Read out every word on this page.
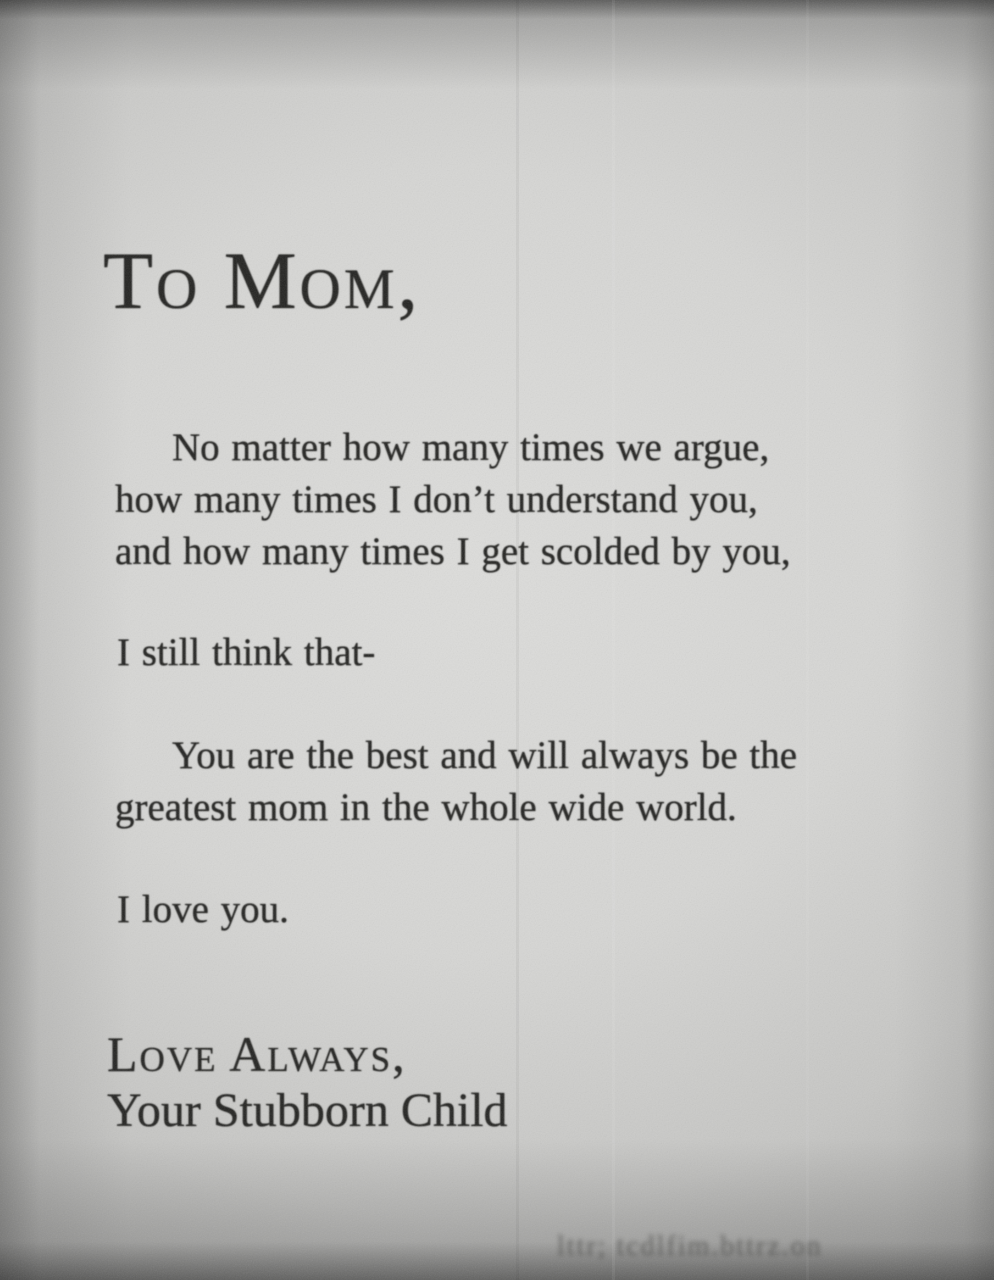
To Mom,
No matter how many times we argue,
how many times I don’t understand you,
and how many times I get scolded by you,
I still think that-
You are the best and will always be the
greatest mom in the whole wide world.
I love you.
Love Always,
Your Stubborn Child
lttr; tcdlfim.bttrz.on
